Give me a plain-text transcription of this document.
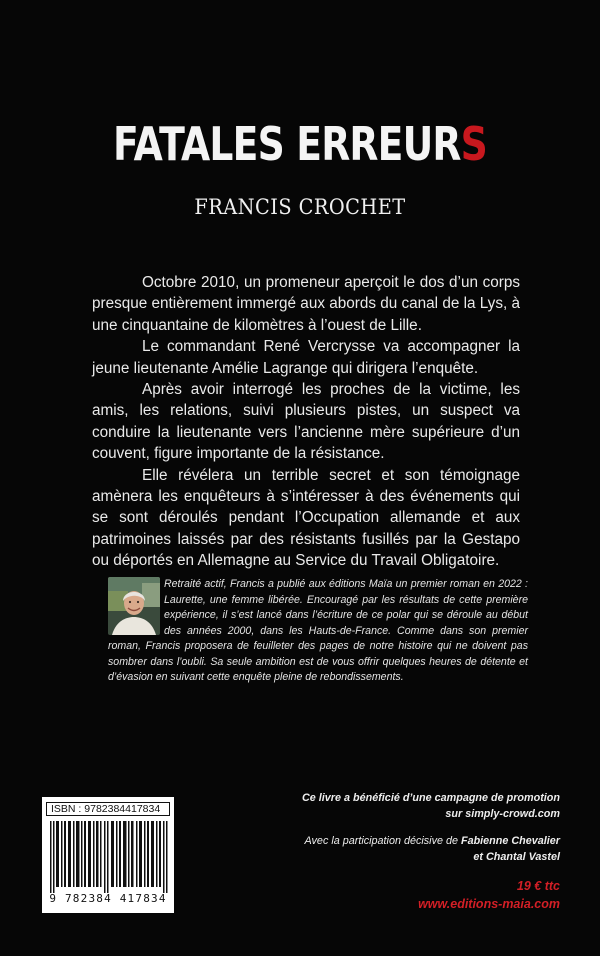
FATALES ERREURS
FRANCIS CROCHET

Octobre 2010, un promeneur aperçoit le dos d’un corps presque entièrement immergé aux abords du canal de la Lys, à une cinquantaine de kilomètres à l’ouest de Lille.

Le commandant René Vercrysse va accompagner la jeune lieutenante Amélie Lagrange qui dirigera l’enquête.

Après avoir interrogé les proches de la victime, les amis, les relations, suivi plusieurs pistes, un suspect va conduire la lieutenante vers l’ancienne mère supérieure d’un couvent, figure importante de la résistance.

Elle révélera un terrible secret et son témoignage amènera les enquêteurs à s’intéresser à des événements qui se sont déroulés pendant l’Occupation allemande et aux patrimoines laissés par des résistants fusillés par la Gestapo ou déportés en Allemagne au Service du Travail Obligatoire.

Retraité actif, Francis a publié aux éditions Maïa un premier roman en 2022 : Laurette, une femme libérée. Encouragé par les résultats de cette première expérience, il s’est lancé dans l’écriture de ce polar qui se déroule au début des années 2000, dans les Hauts-de-France. Comme dans son premier roman, Francis proposera de feuilleter des pages de notre histoire qui ne doivent pas sombrer dans l’oubli. Sa seule ambition est de vous offrir quelques heures de détente et d’évasion en suivant cette enquête pleine de rebondissements.

ISBN : 9782384417834
9 782384 417834
Ce livre a bénéficié d’une campagne de promotion
sur simply-crowd.com
Avec la participation décisive de Fabienne Chevalier
et Chantal Vastel
19 € ttc
www.editions-maia.com
